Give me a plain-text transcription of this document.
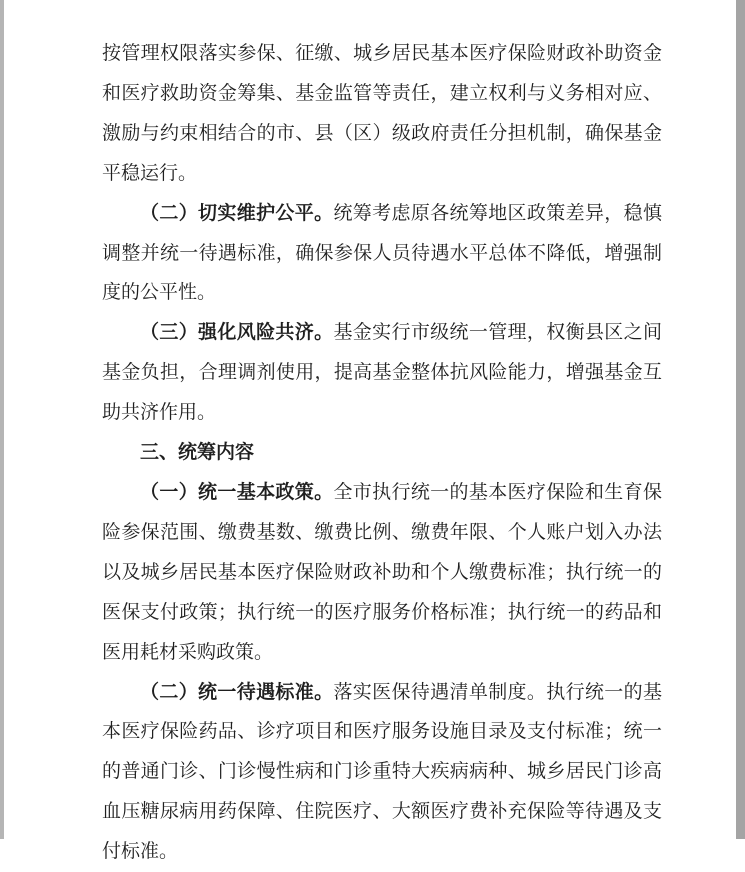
按管理权限落实参保、征缴、城乡居民基本医疗保险财政补助资金和医疗救助资金筹集、基金监管等责任，建立权利与义务相对应、激励与约束相结合的市、县（区）级政府责任分担机制，确保基金平稳运行。

（二）切实维护公平。统筹考虑原各统筹地区政策差异，稳慎调整并统一待遇标准，确保参保人员待遇水平总体不降低，增强制度的公平性。

（三）强化风险共济。基金实行市级统一管理，权衡县区之间基金负担，合理调剂使用，提高基金整体抗风险能力，增强基金互助共济作用。

三、统筹内容

（一）统一基本政策。全市执行统一的基本医疗保险和生育保险参保范围、缴费基数、缴费比例、缴费年限、个人账户划入办法以及城乡居民基本医疗保险财政补助和个人缴费标准；执行统一的医保支付政策；执行统一的医疗服务价格标准；执行统一的药品和医用耗材采购政策。

（二）统一待遇标准。落实医保待遇清单制度。执行统一的基本医疗保险药品、诊疗项目和医疗服务设施目录及支付标准；统一的普通门诊、门诊慢性病和门诊重特大疾病病种、城乡居民门诊高血压糖尿病用药保障、住院医疗、大额医疗费补充保险等待遇及支付标准。
